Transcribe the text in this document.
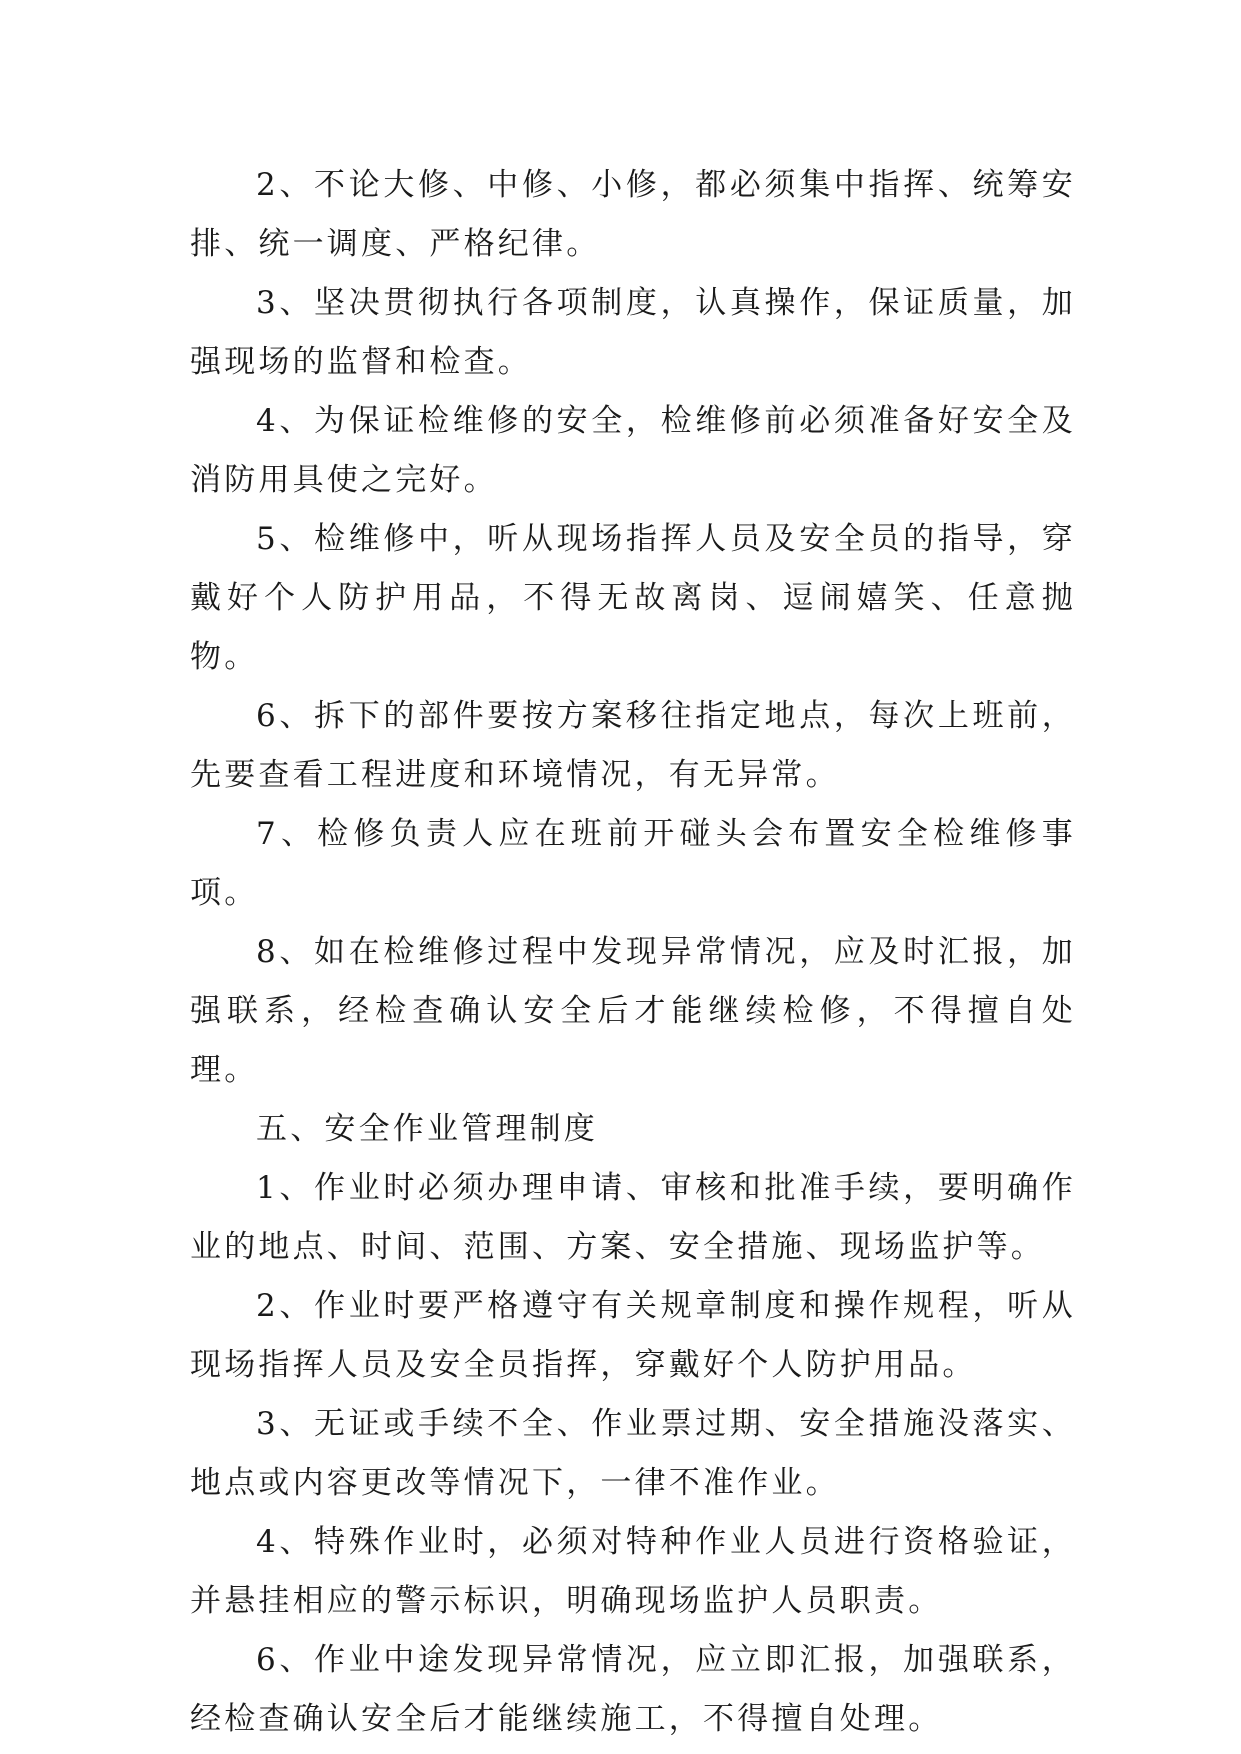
2、不论大修、中修、小修，都必须集中指挥、统筹安排、统一调度、严格纪律。

3、坚决贯彻执行各项制度，认真操作，保证质量，加强现场的监督和检查。

4、为保证检维修的安全，检维修前必须准备好安全及消防用具使之完好。

5、检维修中，听从现场指挥人员及安全员的指导，穿戴好个人防护用品，不得无故离岗、逗闹嬉笑、任意抛物。

6、拆下的部件要按方案移往指定地点，每次上班前，先要查看工程进度和环境情况，有无异常。

7、检修负责人应在班前开碰头会布置安全检维修事项。

8、如在检维修过程中发现异常情况，应及时汇报，加强联系，经检查确认安全后才能继续检修，不得擅自处理。

五、安全作业管理制度

1、作业时必须办理申请、审核和批准手续，要明确作业的地点、时间、范围、方案、安全措施、现场监护等。

2、作业时要严格遵守有关规章制度和操作规程，听从现场指挥人员及安全员指挥，穿戴好个人防护用品。

3、无证或手续不全、作业票过期、安全措施没落实、地点或内容更改等情况下，一律不准作业。

4、特殊作业时，必须对特种作业人员进行资格验证，并悬挂相应的警示标识，明确现场监护人员职责。

6、作业中途发现异常情况，应立即汇报，加强联系，经检查确认安全后才能继续施工，不得擅自处理。
